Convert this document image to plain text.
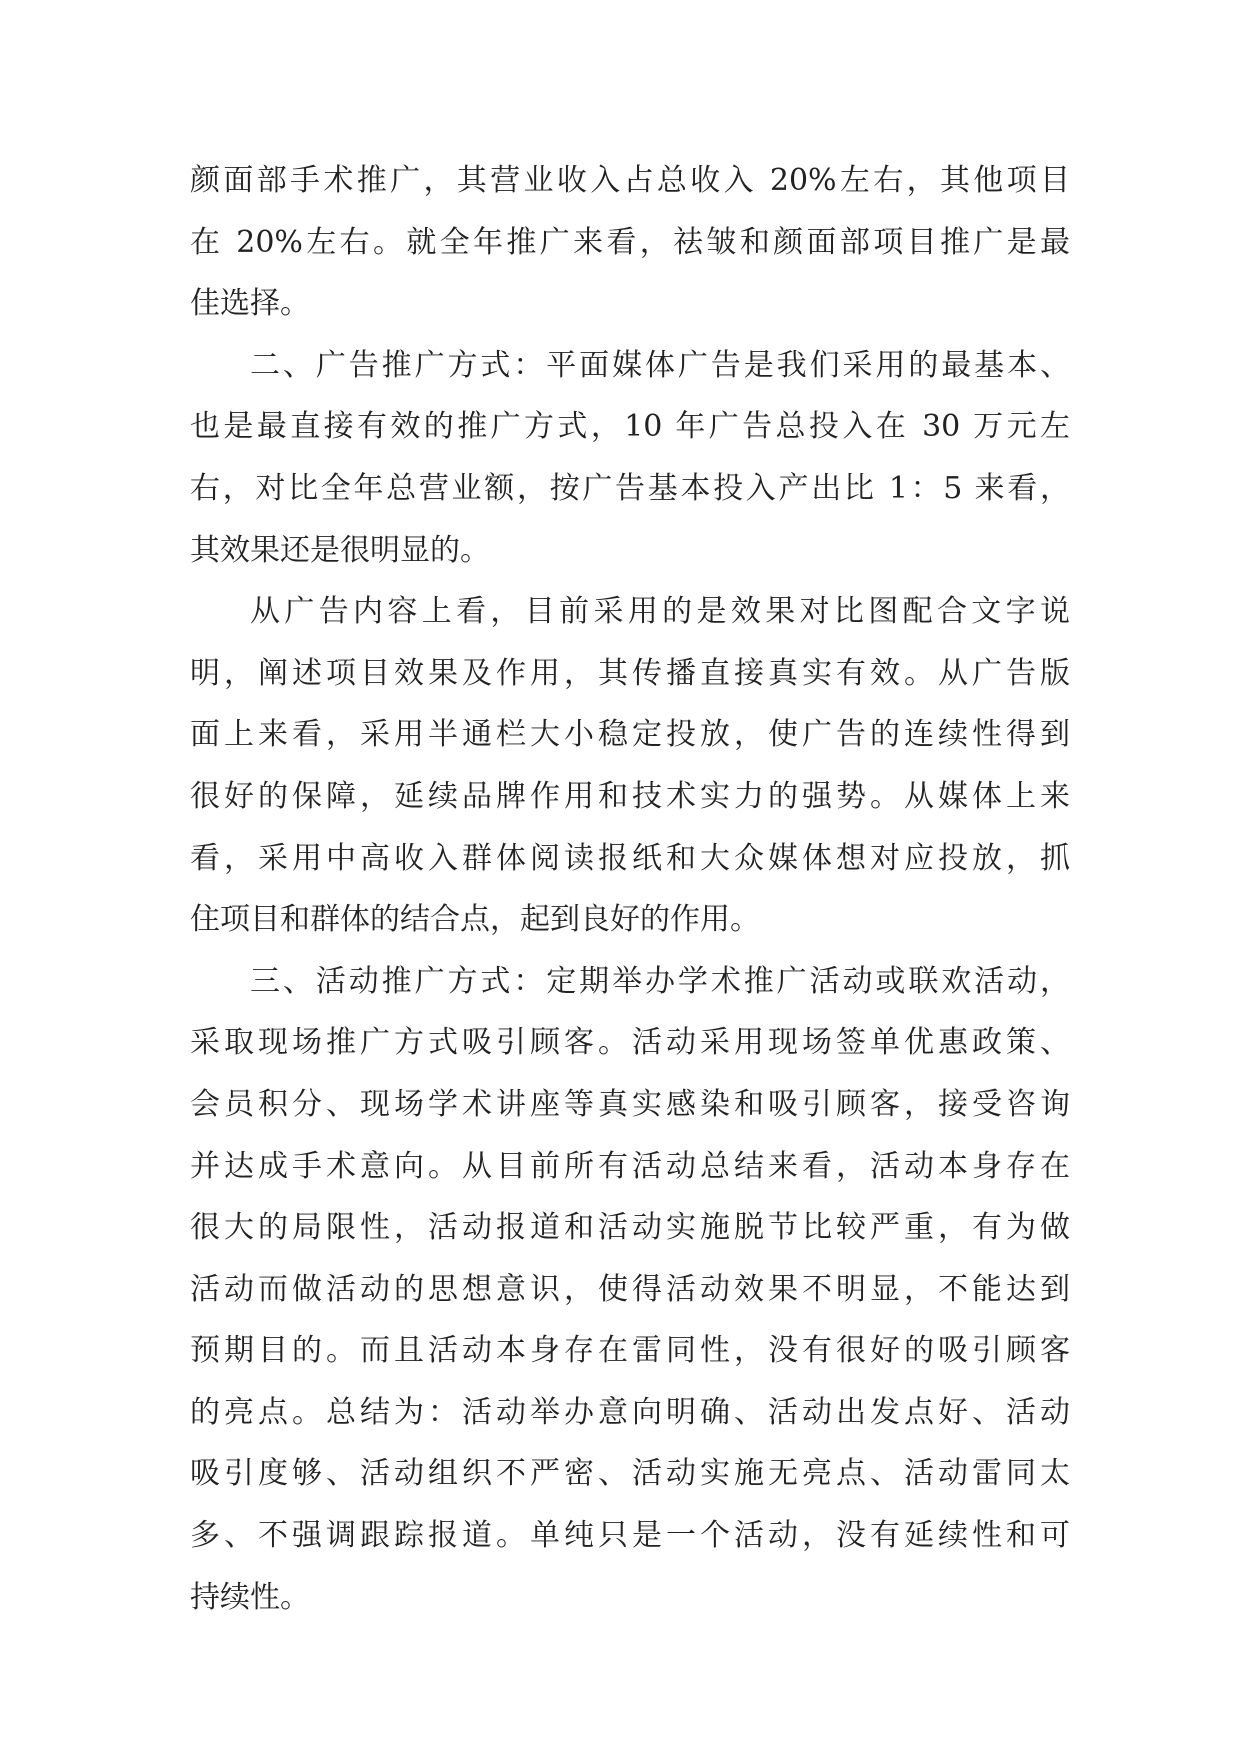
颜面部手术推广，其营业收入占总收入 20%左右，其他项目
在 20%左右。就全年推广来看，祛皱和颜面部项目推广是最
佳选择。
二、广告推广方式：平面媒体广告是我们采用的最基本、
也是最直接有效的推广方式，10 年广告总投入在 30 万元左
右，对比全年总营业额，按广告基本投入产出比 1：5 来看，
其效果还是很明显的。
从广告内容上看，目前采用的是效果对比图配合文字说
明，阐述项目效果及作用，其传播直接真实有效。从广告版
面上来看，采用半通栏大小稳定投放，使广告的连续性得到
很好的保障，延续品牌作用和技术实力的强势。从媒体上来
看，采用中高收入群体阅读报纸和大众媒体想对应投放，抓
住项目和群体的结合点，起到良好的作用。
三、活动推广方式：定期举办学术推广活动或联欢活动，
采取现场推广方式吸引顾客。活动采用现场签单优惠政策、
会员积分、现场学术讲座等真实感染和吸引顾客，接受咨询
并达成手术意向。从目前所有活动总结来看，活动本身存在
很大的局限性，活动报道和活动实施脱节比较严重，有为做
活动而做活动的思想意识，使得活动效果不明显，不能达到
预期目的。而且活动本身存在雷同性，没有很好的吸引顾客
的亮点。总结为：活动举办意向明确、活动出发点好、活动
吸引度够、活动组织不严密、活动实施无亮点、活动雷同太
多、不强调跟踪报道。单纯只是一个活动，没有延续性和可
持续性。
